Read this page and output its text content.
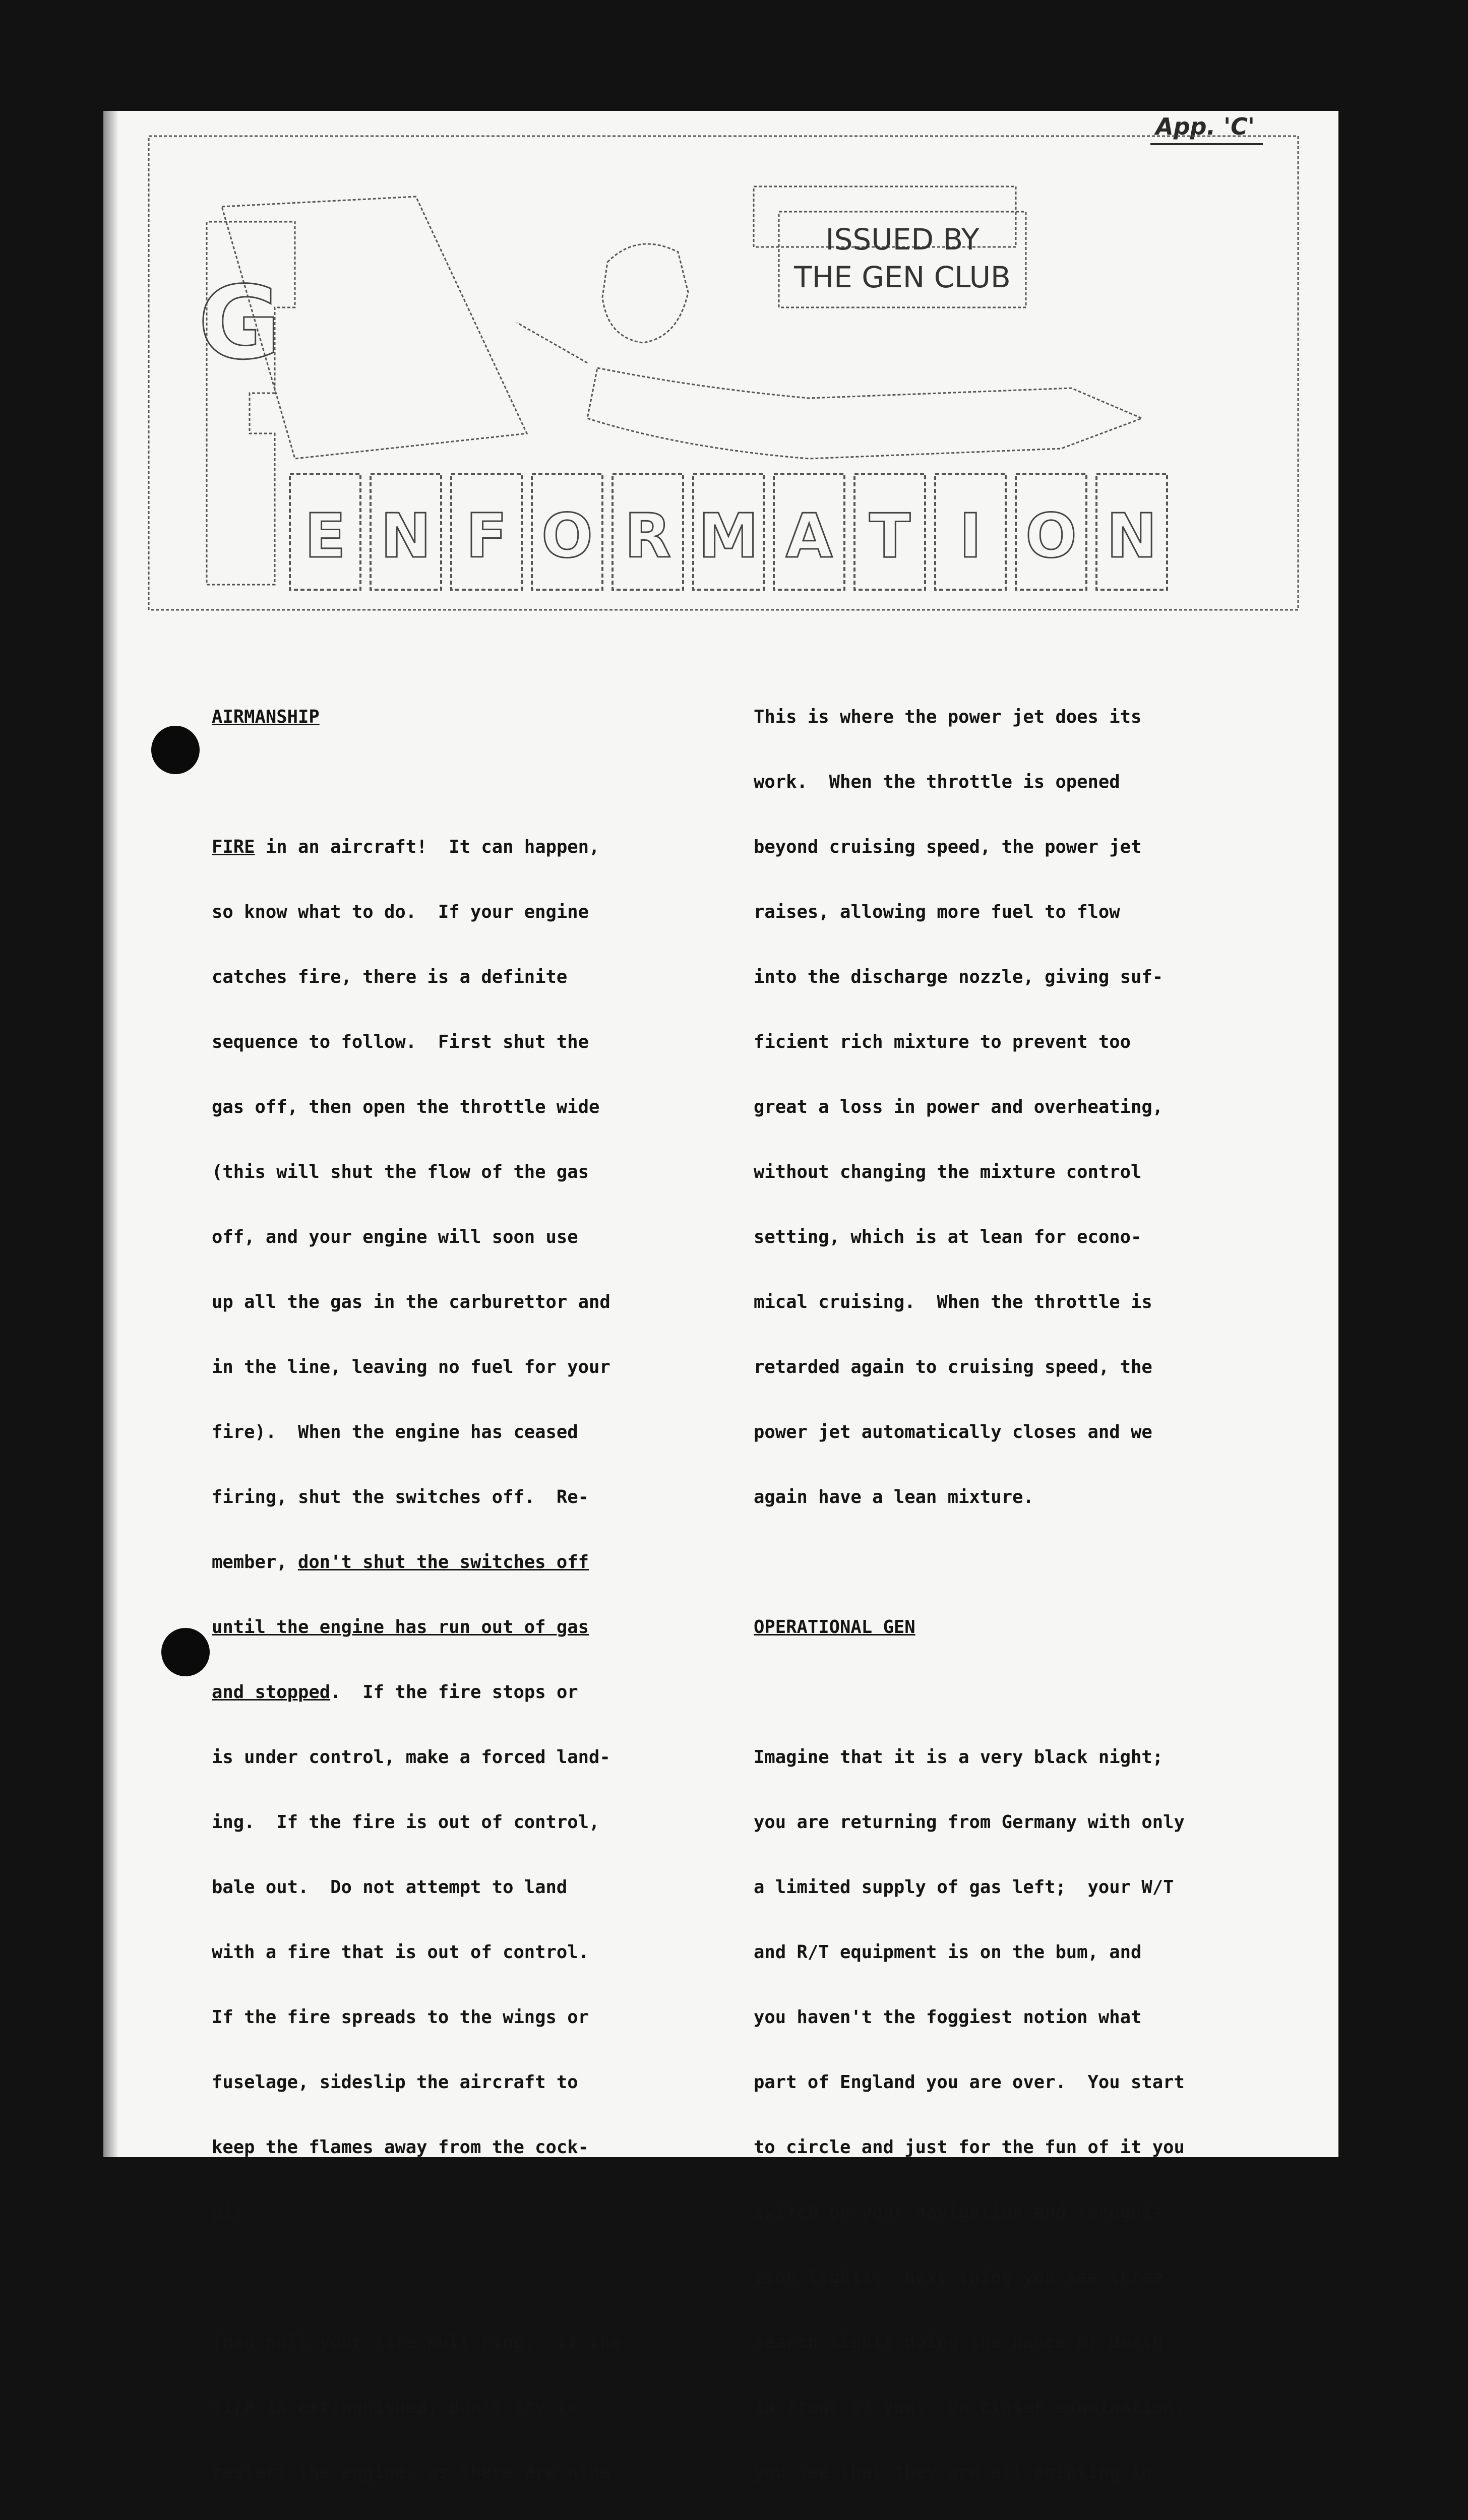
App. 'C'
E N F O R M A T I O N
G
ISSUED BY
THE GEN CLUB

AIRMANSHIP

FIRE in an aircraft!  It can happen,

so know what to do.  If your engine

catches fire, there is a definite

sequence to follow.  First shut the

gas off, then open the throttle wide

(this will shut the flow of the gas

off, and your engine will soon use

up all the gas in the carburettor and

in the line, leaving no fuel for your

fire).  When the engine has ceased

firing, shut the switches off.  Re-

member, don't shut the switches off

until the engine has run out of gas

and stopped.  If the fire stops or

is under control, make a forced land-

ing.  If the fire is out of control,

bale out.  Do not attempt to land

with a fire that is out of control.

If the fire spreads to the wings or

fuselage, sideslip the aircraft to

keep the flames away from the cock-

pit.

Then pull your fire pull ring.  If the

fire is extinguished, don't try to

restart the engine, as there are nine

This is where the power jet does its

work.  When the throttle is opened

beyond cruising speed, the power jet

raises, allowing more fuel to flow

into the discharge nozzle, giving suf-

ficient rich mixture to prevent too

great a loss in power and overheating,

without changing the mixture control

setting, which is at lean for econo-

mical cruising.  When the throttle is

retarded again to cruising speed, the

power jet automatically closes and we

again have a lean mixture.

OPERATIONAL GEN

Imagine that it is a very black night;

you are returning from Germany with only

a limited supply of gas left;  your W/T

and R/T equipment is on the bum, and

you haven't the foggiest notion what

part of England you are over.  You start

to circle and just for the fun of it you

switch on your navigation and recogni-

tion lights;  next thing you see three

search lights doing the dance of death

in front of you.  On closer examination,

you see that they are all pointing in
